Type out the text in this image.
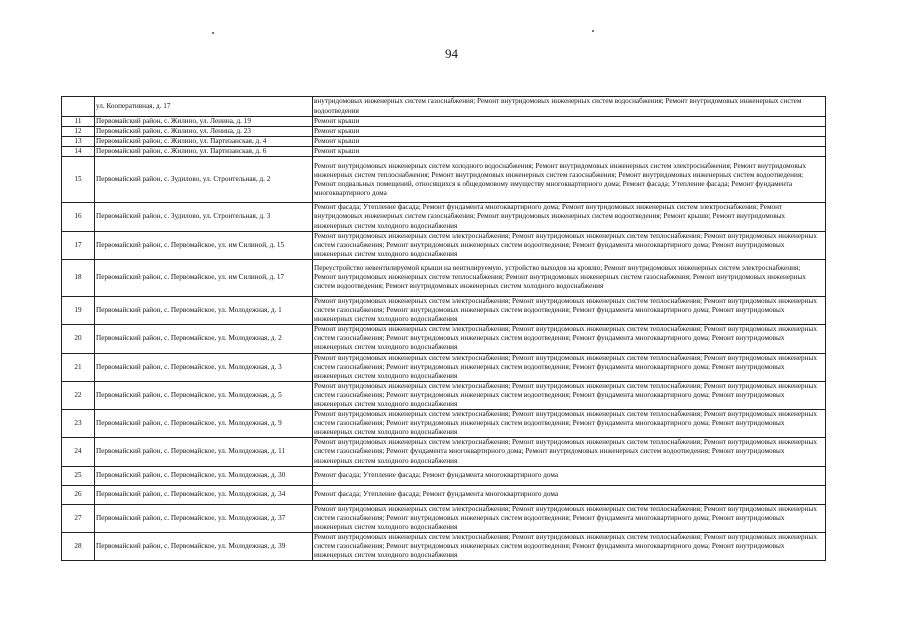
94
	ул. Кооперативная, д. 17	внутридомовых инженерных систем газоснабжения; Ремонт внутридомовых инженерных систем водоснабжения; Ремонт внутридомовых инженерных систем водоотведения
11	Первомайский район, с. Жилино, ул. Ленина, д. 19	Ремонт крыши
12	Первомайский район, с. Жилино, ул. Ленина, д. 23	Ремонт крыши
13	Первомайский район, с. Жилино, ул. Партизанская, д. 4	Ремонт крыши
14	Первомайский район, с. Жилино, ул. Партизанская, д. 6	Ремонт крыши
15	Первомайский район, с. Зудилово, ул. Строительная, д. 2	Ремонт внутридомовых инженерных систем холодного водоснабжения; Ремонт внутридомовых инженерных систем электроснабжения; Ремонт внутридомовых инженерных систем теплоснабжения; Ремонт внутридомовых инженерных систем газоснабжения; Ремонт внутридомовых инженерных систем водоотведения; Ремонт подвальных помещений, относящихся к общедомовому имуществу многоквартирного дома; Ремонт фасада; Утепление фасада; Ремонт фундамента многоквартирного дома
16	Первомайский район, с. Зудилово, ул. Строительная, д. 3	Ремонт фасада; Утепление фасада; Ремонт фундамента многоквартирного дома; Ремонт внутридомовых инженерных систем электроснабжения; Ремонт внутридомовых инженерных систем газоснабжения; Ремонт внутридомовых инженерных систем водоотведения; Ремонт крыши; Ремонт внутридомовых инженерных систем холодного водоснабжения
17	Первомайский район, с. Первомайское, ул. им Силиной, д. 15	Ремонт внутридомовых инженерных систем электроснабжения; Ремонт внутридомовых инженерных систем теплоснабжения; Ремонт внутридомовых инженерных систем газоснабжения; Ремонт внутридомовых инженерных систем водоотведения; Ремонт фундамента многоквартирного дома; Ремонт внутридомовых инженерных систем холодного водоснабжения
18	Первомайский район, с. Первомайское, ул. им Силиной, д. 17	Переустройство невентилируемой крыши на вентилируемую, устройство выходов на кровлю; Ремонт внутридомовых инженерных систем электроснабжения; Ремонт внутридомовых инженерных систем теплоснабжения; Ремонт внутридомовых инженерных систем газоснабжения; Ремонт внутридомовых инженерных систем водоотведения; Ремонт внутридомовых инженерных систем холодного водоснабжения
19	Первомайский район, с. Первомайское, ул. Молодежная, д. 1	Ремонт внутридомовых инженерных систем электроснабжения; Ремонт внутридомовых инженерных систем теплоснабжения; Ремонт внутридомовых инженерных систем газоснабжения; Ремонт внутридомовых инженерных систем водоотведения; Ремонт фундамента многоквартирного дома; Ремонт внутридомовых инженерных систем холодного водоснабжения
20	Первомайский район, с. Первомайское, ул. Молодежная, д. 2	Ремонт внутридомовых инженерных систем электроснабжения; Ремонт внутридомовых инженерных систем теплоснабжения; Ремонт внутридомовых инженерных систем газоснабжения; Ремонт внутридомовых инженерных систем водоотведения; Ремонт фундамента многоквартирного дома; Ремонт внутридомовых инженерных систем холодного водоснабжения
21	Первомайский район, с. Первомайское, ул. Молодежная, д. 3	Ремонт внутридомовых инженерных систем электроснабжения; Ремонт внутридомовых инженерных систем теплоснабжения; Ремонт внутридомовых инженерных систем газоснабжения; Ремонт внутридомовых инженерных систем водоотведения; Ремонт фундамента многоквартирного дома; Ремонт внутридомовых инженерных систем холодного водоснабжения
22	Первомайский район, с. Первомайское, ул. Молодежная, д. 5	Ремонт внутридомовых инженерных систем электроснабжения; Ремонт внутридомовых инженерных систем теплоснабжения; Ремонт внутридомовых инженерных систем газоснабжения; Ремонт внутридомовых инженерных систем водоотведения; Ремонт фундамента многоквартирного дома; Ремонт внутридомовых инженерных систем холодного водоснабжения
23	Первомайский район, с. Первомайское, ул. Молодежная, д. 9	Ремонт внутридомовых инженерных систем электроснабжения; Ремонт внутридомовых инженерных систем теплоснабжения; Ремонт внутридомовых инженерных систем газоснабжения; Ремонт внутридомовых инженерных систем водоотведения; Ремонт фундамента многоквартирного дома; Ремонт внутридомовых инженерных систем холодного водоснабжения
24	Первомайский район, с. Первомайское, ул. Молодежная, д. 11	Ремонт внутридомовых инженерных систем электроснабжения; Ремонт внутридомовых инженерных систем теплоснабжения; Ремонт внутридомовых инженерных систем газоснабжения; Ремонт фундамента многоквартирного дома; Ремонт внутридомовых инженерных систем водоотведения; Ремонт внутридомовых инженерных систем холодного водоснабжения
25	Первомайский район, с. Первомайское, ул. Молодежная, д. 30	Ремонт фасада; Утепление фасада; Ремонт фундамента многоквартирного дома
26	Первомайский район, с. Первомайское, ул. Молодежная, д. 34	Ремонт фасада; Утепление фасада; Ремонт фундамента многоквартирного дома
27	Первомайский район, с. Первомайское, ул. Молодежная, д. 37	Ремонт внутридомовых инженерных систем электроснабжения; Ремонт внутридомовых инженерных систем теплоснабжения; Ремонт внутридомовых инженерных систем газоснабжения; Ремонт внутридомовых инженерных систем водоотведения; Ремонт фундамента многоквартирного дома; Ремонт внутридомовых инженерных систем холодного водоснабжения
28	Первомайский район, с. Первомайское, ул. Молодежная, д. 39	Ремонт внутридомовых инженерных систем электроснабжения; Ремонт внутридомовых инженерных систем теплоснабжения; Ремонт внутридомовых инженерных систем газоснабжения; Ремонт внутридомовых инженерных систем водоотведения; Ремонт фундамента многоквартирного дома; Ремонт внутридомовых инженерных систем холодного водоснабжения
